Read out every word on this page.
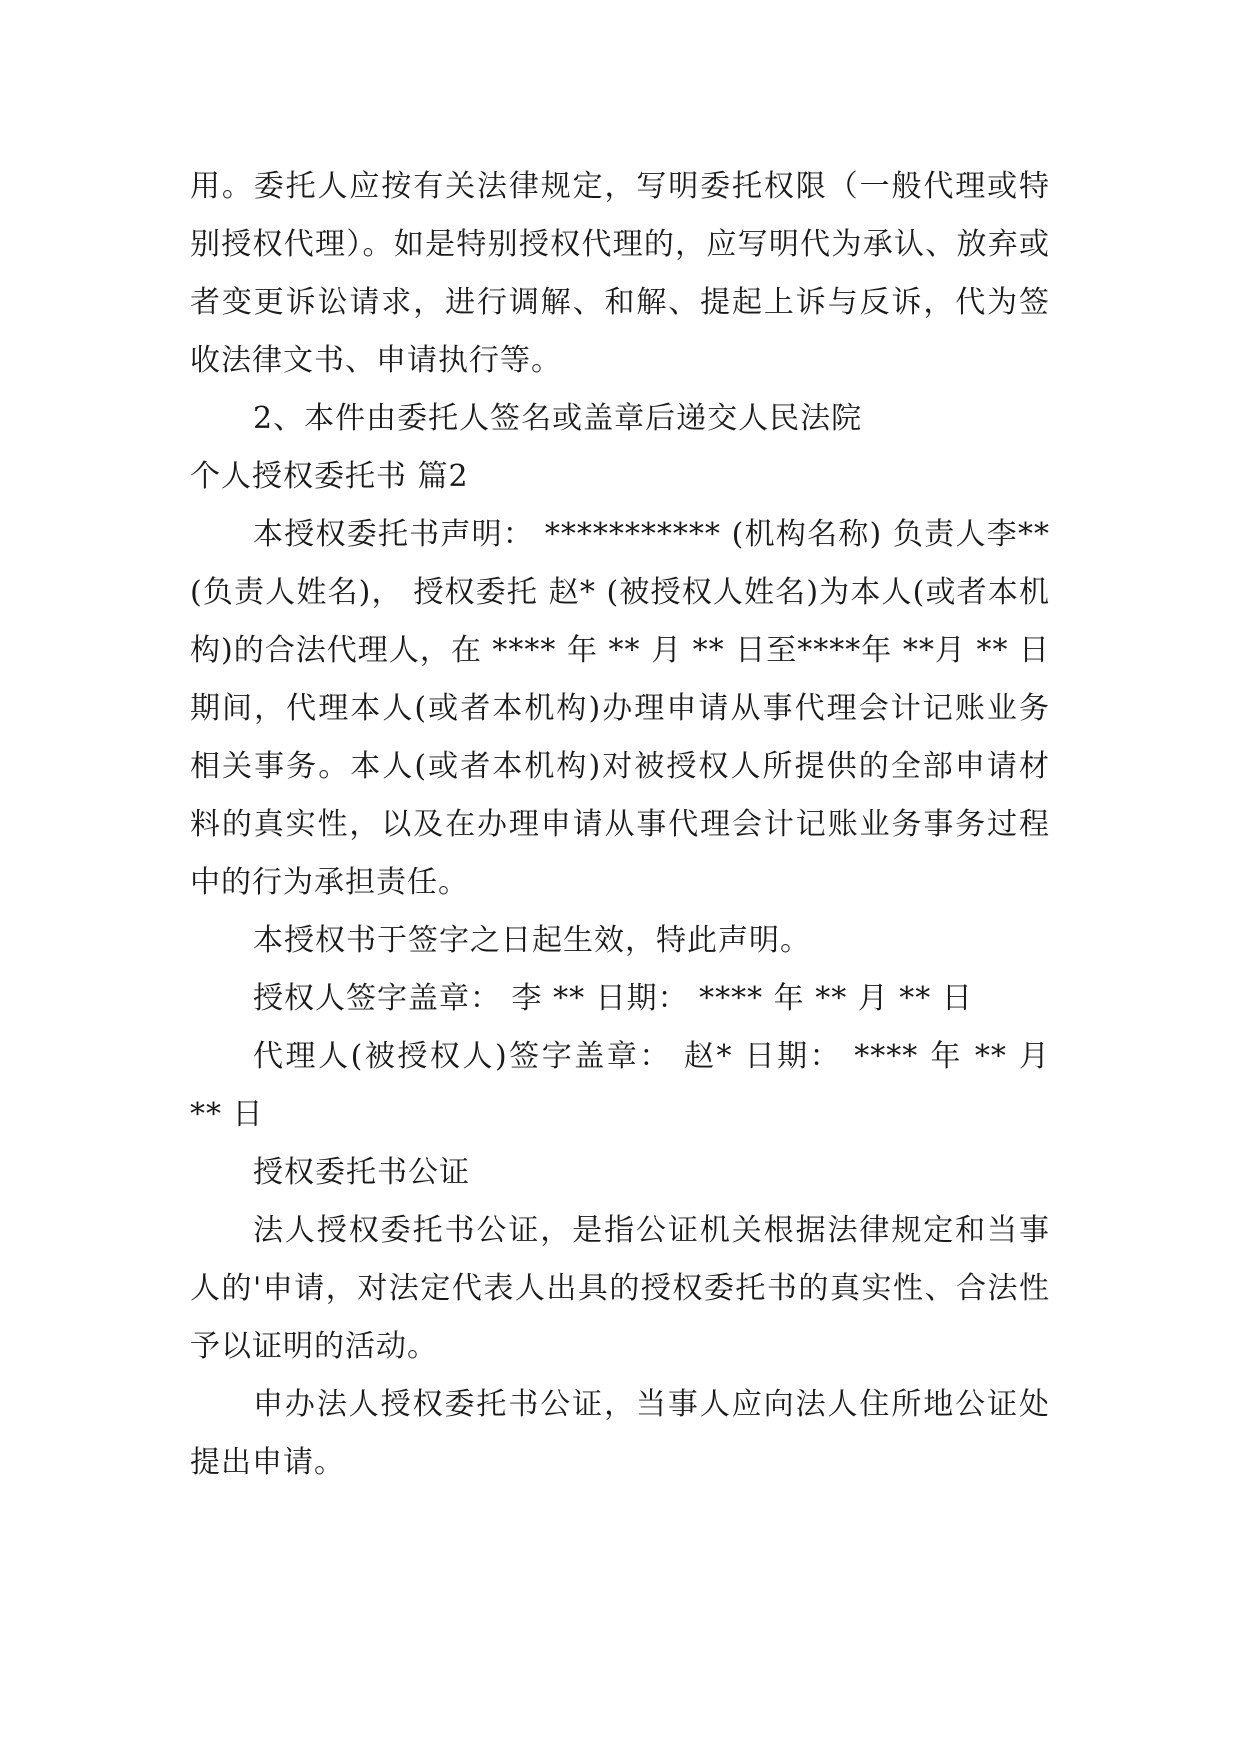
用。委托人应按有关法律规定，写明委托权限（一般代理或特别授权代理）。如是特别授权代理的，应写明代为承认、放弃或者变更诉讼请求，进行调解、和解、提起上诉与反诉，代为签收法律文书、申请执行等。

2、本件由委托人签名或盖章后递交人民法院

个人授权委托书 篇2

本授权委托书声明： *********** (机构名称) 负责人李** (负责人姓名)， 授权委托 赵* (被授权人姓名)为本人(或者本机构)的合法代理人，在 **** 年 ** 月 ** 日至****年 **月 ** 日期间，代理本人(或者本机构)办理申请从事代理会计记账业务相关事务。本人(或者本机构)对被授权人所提供的全部申请材料的真实性，以及在办理申请从事代理会计记账业务事务过程中的行为承担责任。

本授权书于签字之日起生效，特此声明。

授权人签字盖章： 李 ** 日期： **** 年 ** 月 ** 日

代理人(被授权人)签字盖章： 赵* 日期： **** 年 ** 月 ** 日

授权委托书公证

法人授权委托书公证，是指公证机关根据法律规定和当事人的'申请，对法定代表人出具的授权委托书的真实性、合法性予以证明的活动。

申办法人授权委托书公证，当事人应向法人住所地公证处提出申请。
